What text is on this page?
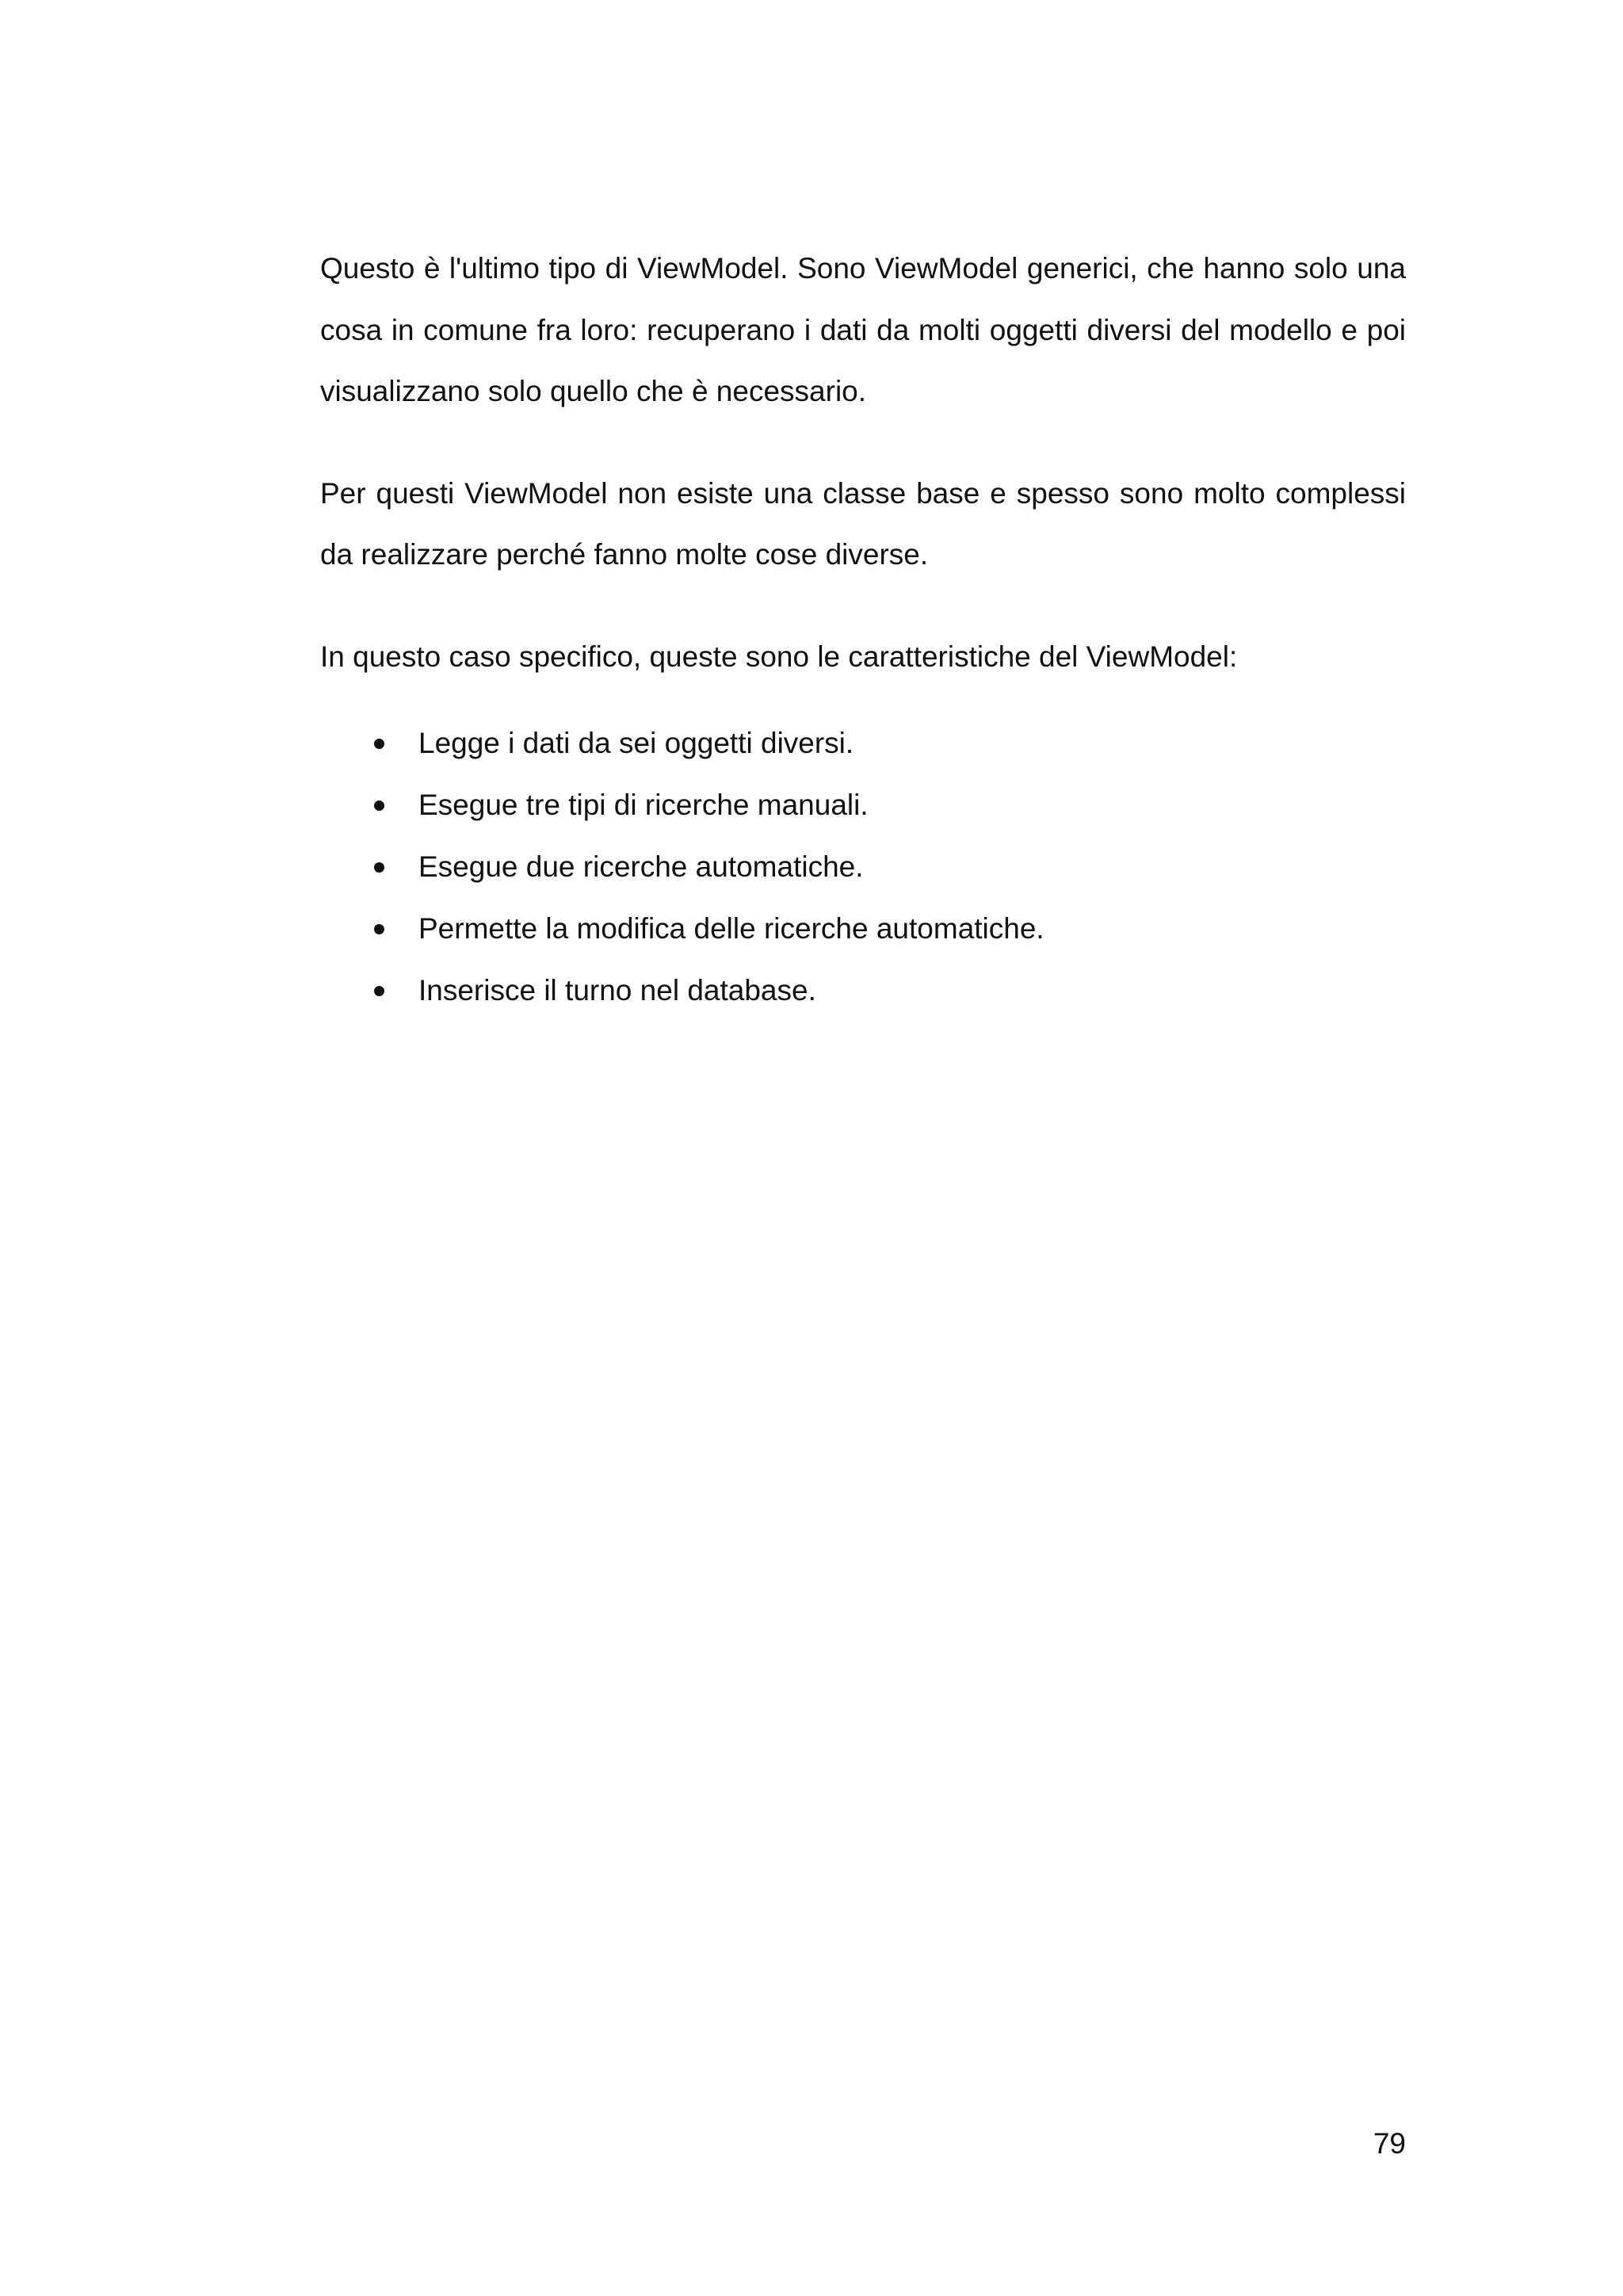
Questo è l'ultimo tipo di ViewModel. Sono ViewModel generici, che hanno solo una cosa in comune fra loro: recuperano i dati da molti oggetti diversi del modello e poi visualizzano solo quello che è necessario.

Per questi ViewModel non esiste una classe base e spesso sono molto complessi da realizzare perché fanno molte cose diverse.

In questo caso specifico, queste sono le caratteristiche del ViewModel:

Legge i dati da sei oggetti diversi.
Esegue tre tipi di ricerche manuali.
Esegue due ricerche automatiche.
Permette la modifica delle ricerche automatiche.
Inserisce il turno nel database.
79
